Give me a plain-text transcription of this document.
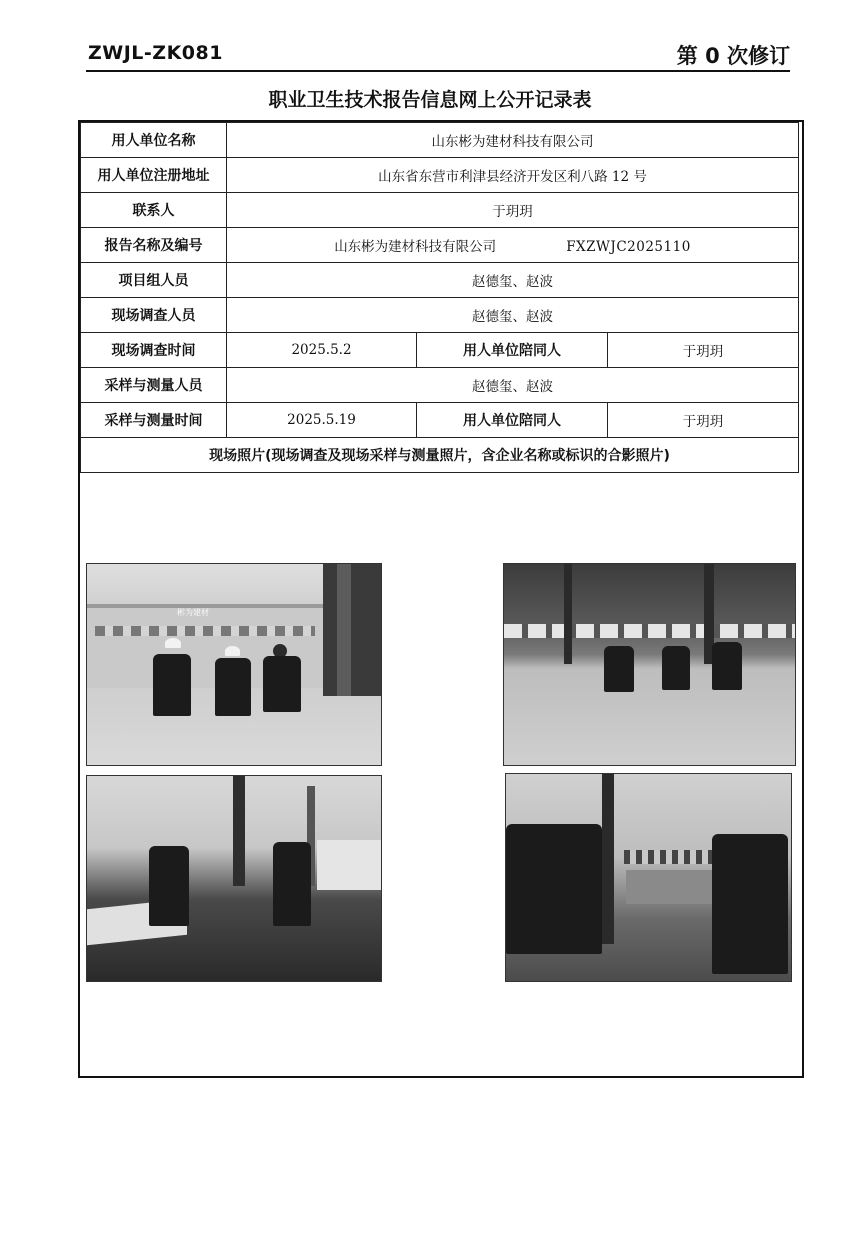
ZWJL-ZK081	第 0 次修订
职业卫生技术报告信息网上公开记录表
用人单位名称	山东彬为建材科技有限公司		
用人单位注册地址	山东省东营市利津县经济开发区利八路 12 号		
联系人	于玥玥		
报告名称及编号	山东彬为建材科技有限公司 FXZWJC2025110		
项目组人员	赵德玺、赵波		
现场调查人员	赵德玺、赵波		
现场调查时间	2025.5.2	用人单位陪同人	于玥玥
采样与测量人员	赵德玺、赵波		
采样与测量时间	2025.5.19	用人单位陪同人	于玥玥
现场照片(现场调查及现场采样与测量照片，含企业名称或标识的合影照片)			
彬为建材
